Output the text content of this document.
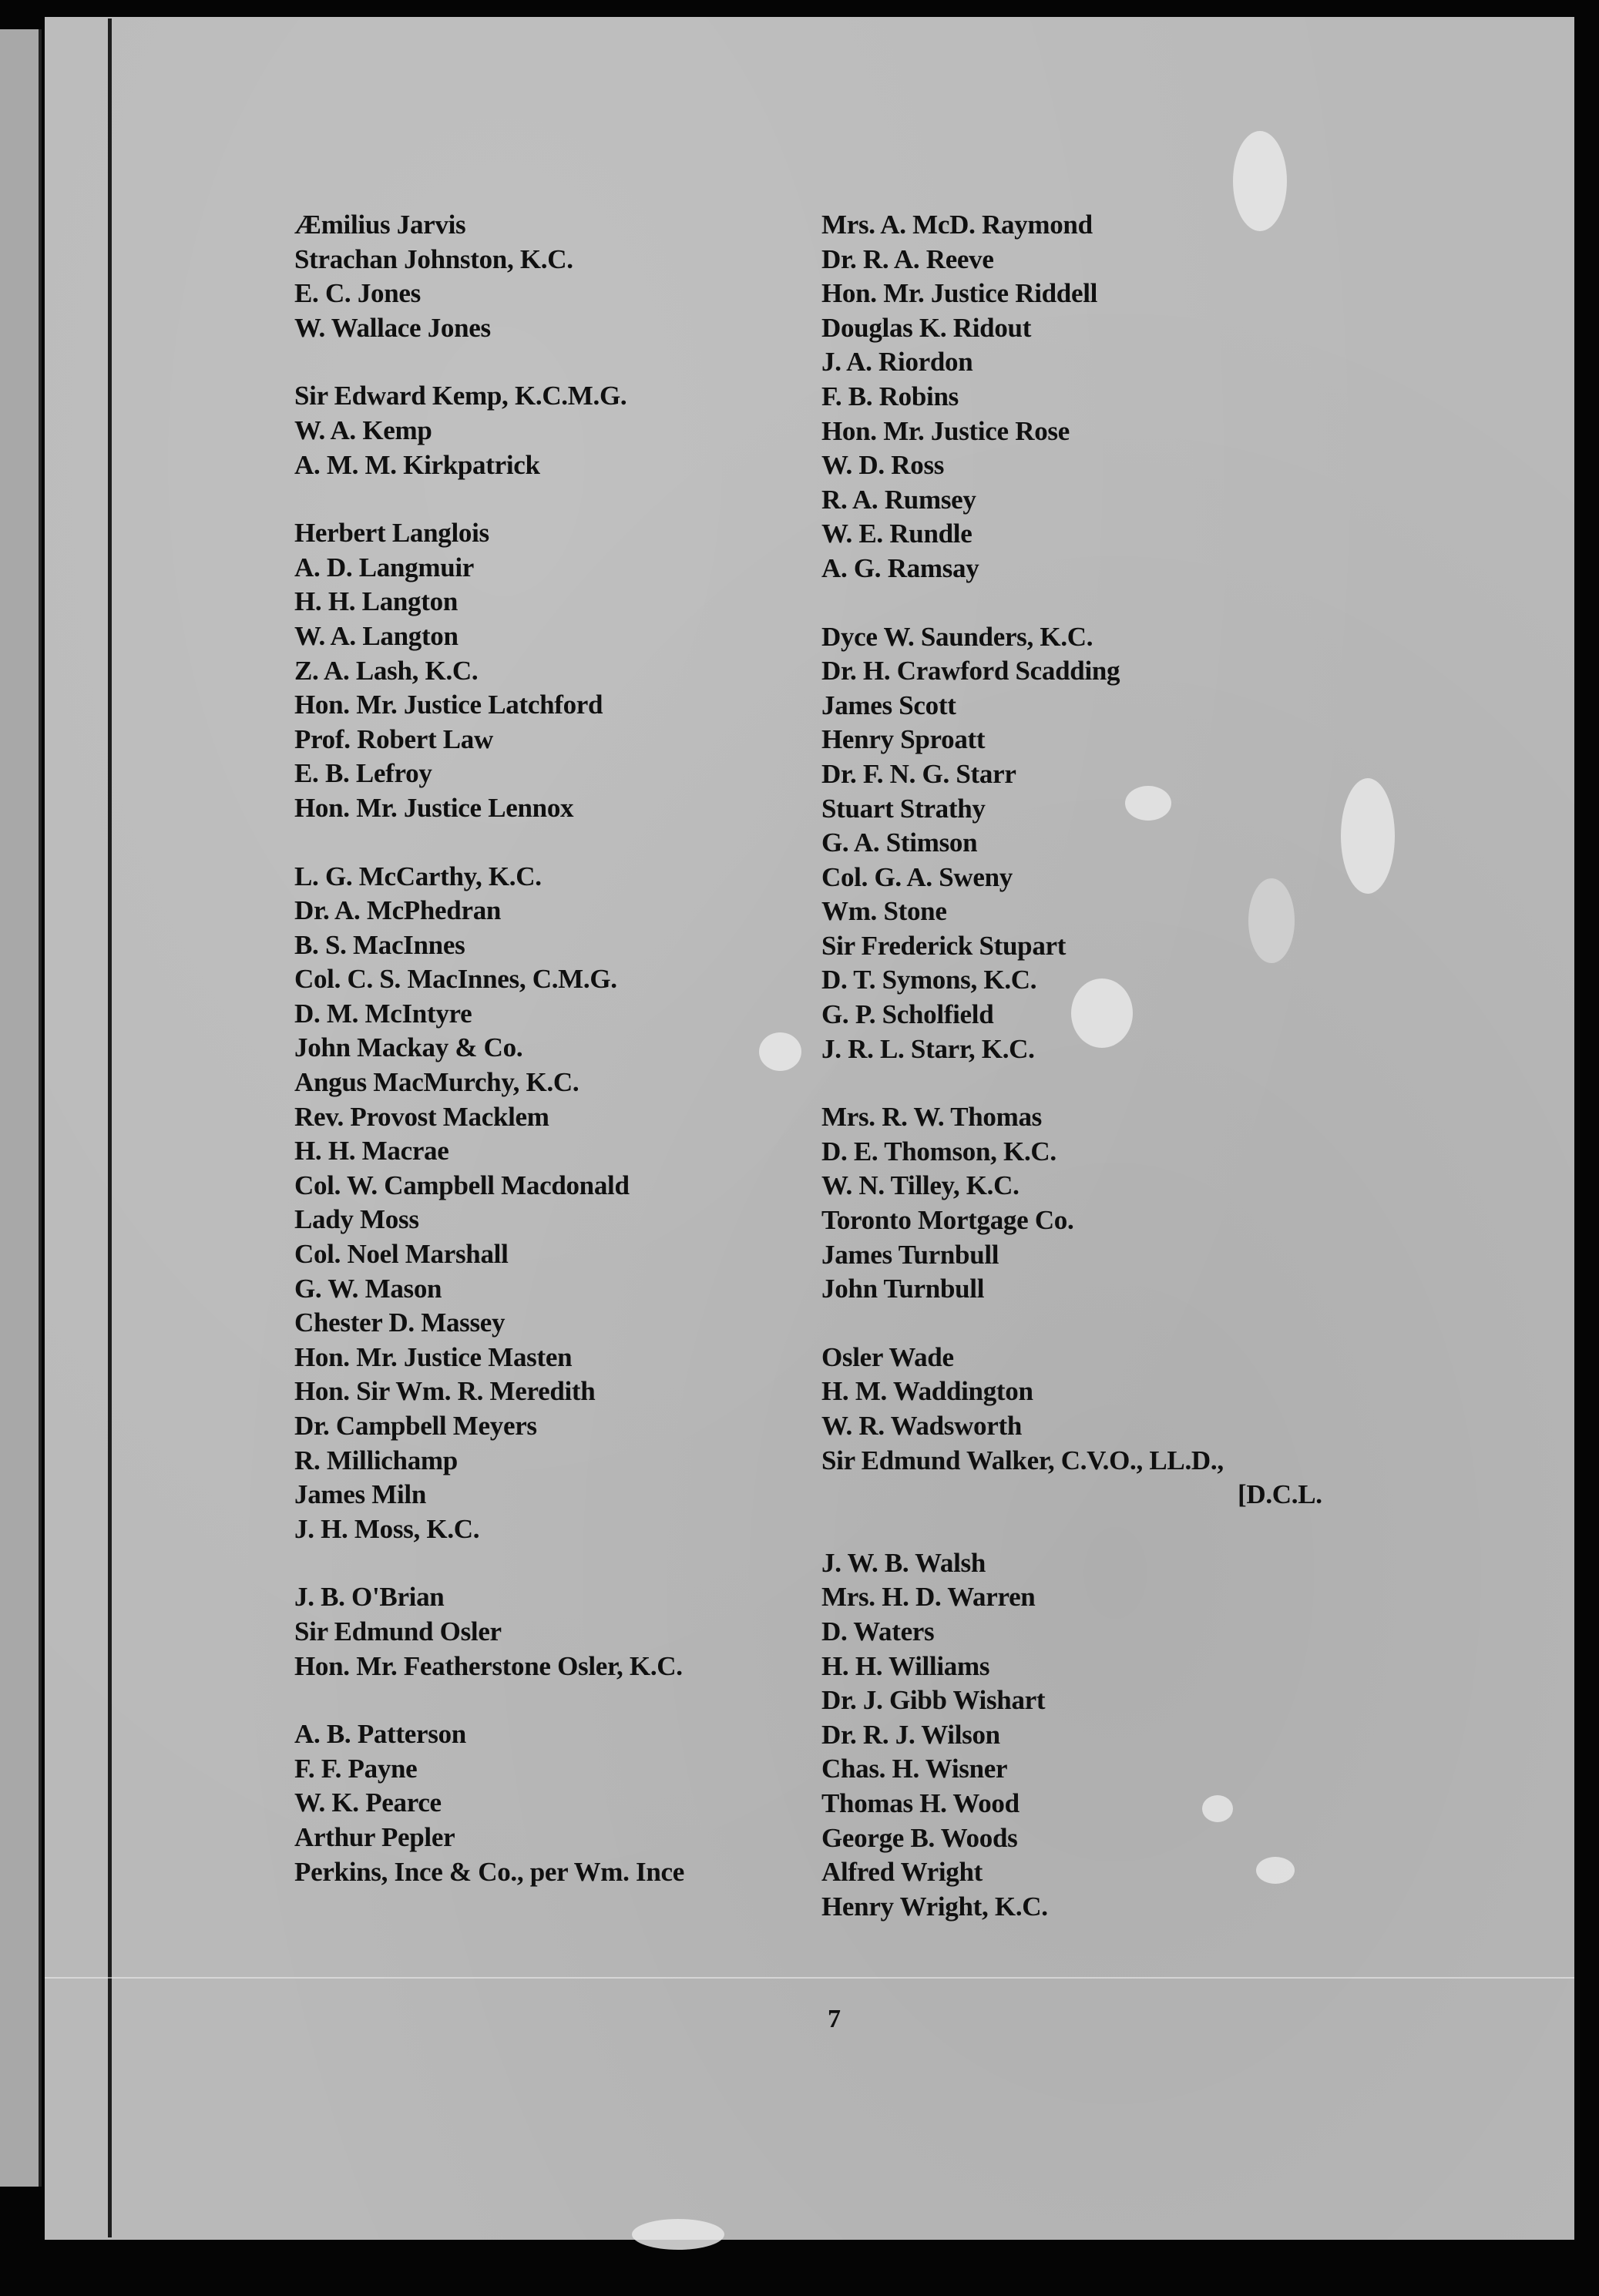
Æmilius Jarvis
Strachan Johnston, K.C.
E. C. Jones
W. Wallace Jones
Sir Edward Kemp, K.C.M.G.
W. A. Kemp
A. M. M. Kirkpatrick
Herbert Langlois
A. D. Langmuir
H. H. Langton
W. A. Langton
Z. A. Lash, K.C.
Hon. Mr. Justice Latchford
Prof. Robert Law
E. B. Lefroy
Hon. Mr. Justice Lennox
L. G. McCarthy, K.C.
Dr. A. McPhedran
B. S. MacInnes
Col. C. S. MacInnes, C.M.G.
D. M. McIntyre
John Mackay & Co.
Angus MacMurchy, K.C.
Rev. Provost Macklem
H. H. Macrae
Col. W. Campbell Macdonald
Lady Moss
Col. Noel Marshall
G. W. Mason
Chester D. Massey
Hon. Mr. Justice Masten
Hon. Sir Wm. R. Meredith
Dr. Campbell Meyers
R. Millichamp
James Miln
J. H. Moss, K.C.
J. B. O'Brian
Sir Edmund Osler
Hon. Mr. Featherstone Osler, K.C.
A. B. Patterson
F. F. Payne
W. K. Pearce
Arthur Pepler
Perkins, Ince & Co., per Wm. Ince
Mrs. A. McD. Raymond
Dr. R. A. Reeve
Hon. Mr. Justice Riddell
Douglas K. Ridout
J. A. Riordon
F. B. Robins
Hon. Mr. Justice Rose
W. D. Ross
R. A. Rumsey
W. E. Rundle
A. G. Ramsay
Dyce W. Saunders, K.C.
Dr. H. Crawford Scadding
James Scott
Henry Sproatt
Dr. F. N. G. Starr
Stuart Strathy
G. A. Stimson
Col. G. A. Sweny
Wm. Stone
Sir Frederick Stupart
D. T. Symons, K.C.
G. P. Scholfield
J. R. L. Starr, K.C.
Mrs. R. W. Thomas
D. E. Thomson, K.C.
W. N. Tilley, K.C.
Toronto Mortgage Co.
James Turnbull
John Turnbull
Osler Wade
H. M. Waddington
W. R. Wadsworth
Sir Edmund Walker, C.V.O., LL.D.,
[D.C.L.
J. W. B. Walsh
Mrs. H. D. Warren
D. Waters
H. H. Williams
Dr. J. Gibb Wishart
Dr. R. J. Wilson
Chas. H. Wisner
Thomas H. Wood
George B. Woods
Alfred Wright
Henry Wright, K.C.
7
